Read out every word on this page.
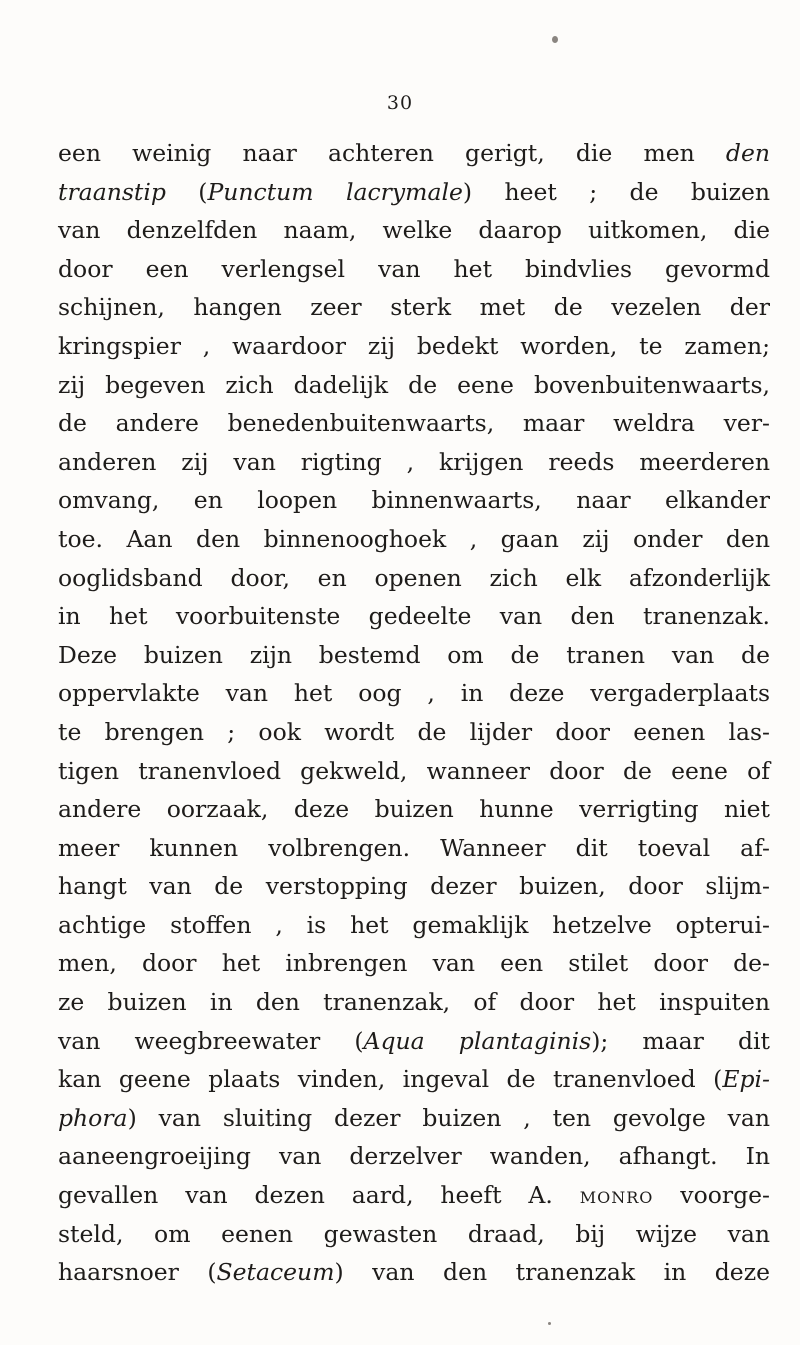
30
een weinig naar achteren gerigt, die men den
traanstip (Punctum lacrymale) heet ; de buizen
van denzelfden naam, welke daarop uitkomen, die
door een verlengsel van het bindvlies gevormd
schijnen, hangen zeer sterk met de vezelen der
kringspier , waardoor zij bedekt worden, te zamen;
zij begeven zich dadelijk de eene bovenbuitenwaarts,
de andere benedenbuitenwaarts, maar weldra ver-
anderen zij van rigting , krijgen reeds meerderen
omvang, en loopen binnenwaarts, naar elkander
toe. Aan den binnenooghoek , gaan zij onder den
ooglidsband door, en openen zich elk afzonderlijk
in het voorbuitenste gedeelte van den tranenzak.
Deze buizen zijn bestemd om de tranen van de
oppervlakte van het oog , in deze vergaderplaats
te brengen ; ook wordt de lijder door eenen las-
tigen tranenvloed gekweld, wanneer door de eene of
andere oorzaak, deze buizen hunne verrigting niet
meer kunnen volbrengen. Wanneer dit toeval af-
hangt van de verstopping dezer buizen, door slijm-
achtige stoffen , is het gemaklijk hetzelve opterui-
men, door het inbrengen van een stilet door de-
ze buizen in den tranenzak, of door het inspuiten
van weegbreewater (Aqua plantaginis); maar dit
kan geene plaats vinden, ingeval de tranenvloed (Epi-
phora) van sluiting dezer buizen , ten gevolge van
aaneengroeijing van derzelver wanden, afhangt. In
gevallen van dezen aard, heeft A. monro voorge-
steld, om eenen gewasten draad, bij wijze van
haarsnoer (Setaceum) van den tranenzak in deze
